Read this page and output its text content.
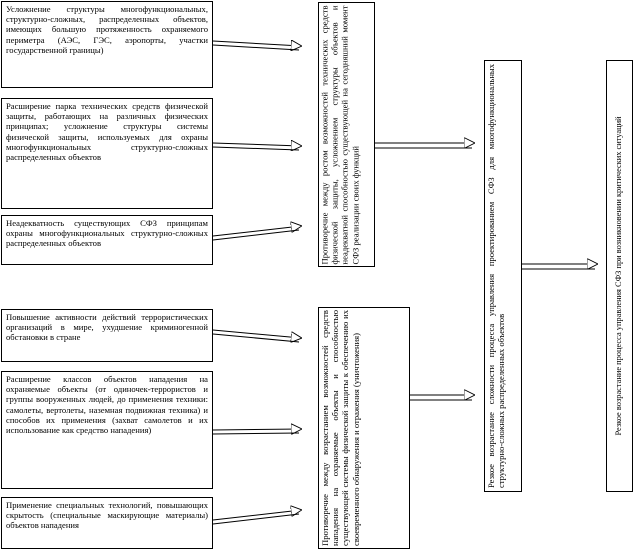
Усложнение структуры многофункциональных, структурно-сложных, распределенных объектов, имеющих большую протяженность охраняемого периметра (АЭС, ГЭС, аэропорты, участки государственной границы)
Расширение парка технических средств физической защиты, работающих на различных физических принципах; усложнение структуры системы физической защиты, используемых для охраны многофункциональных структурно-сложных распределенных объектов
Неадекватность существующих СФЗ принципам охраны многофункциональных структурно-сложных распределенных объектов
Повышение активности действий террористических организаций в мире, ухудшение криминогенной обстановки в стране
Расширение классов объектов нападения на охраняемые объекты (от одиночек-террористов и группы вооруженных людей, до применения техники: самолеты, вертолеты, наземная подвижная техника) и способов их применения (захват самолетов и их использование как средство нападения)
Применение специальных технологий, повышающих скрытость (специальные маскирующие материалы) объектов нападения
Противоречие между ростом возможностей технических средств физической защиты, усложнением структуры объектов и неадекватной способностью существующей на сегодняшний момент СФЗ реализации своих функций
Противоречие между возрастанием возможностей средств нападения на охраняемые объекты и способностью существующей системы физической защиты к обеспечению их своевременного обнаружения и отражения (уничтожения)	Резкое возрастание сложности процесса управления проектированием СФЗ для многофункциональных структурно-сложных распределенных объектов	Резкое возрастание процесса управления СФЗ при возникновении критических ситуаций
